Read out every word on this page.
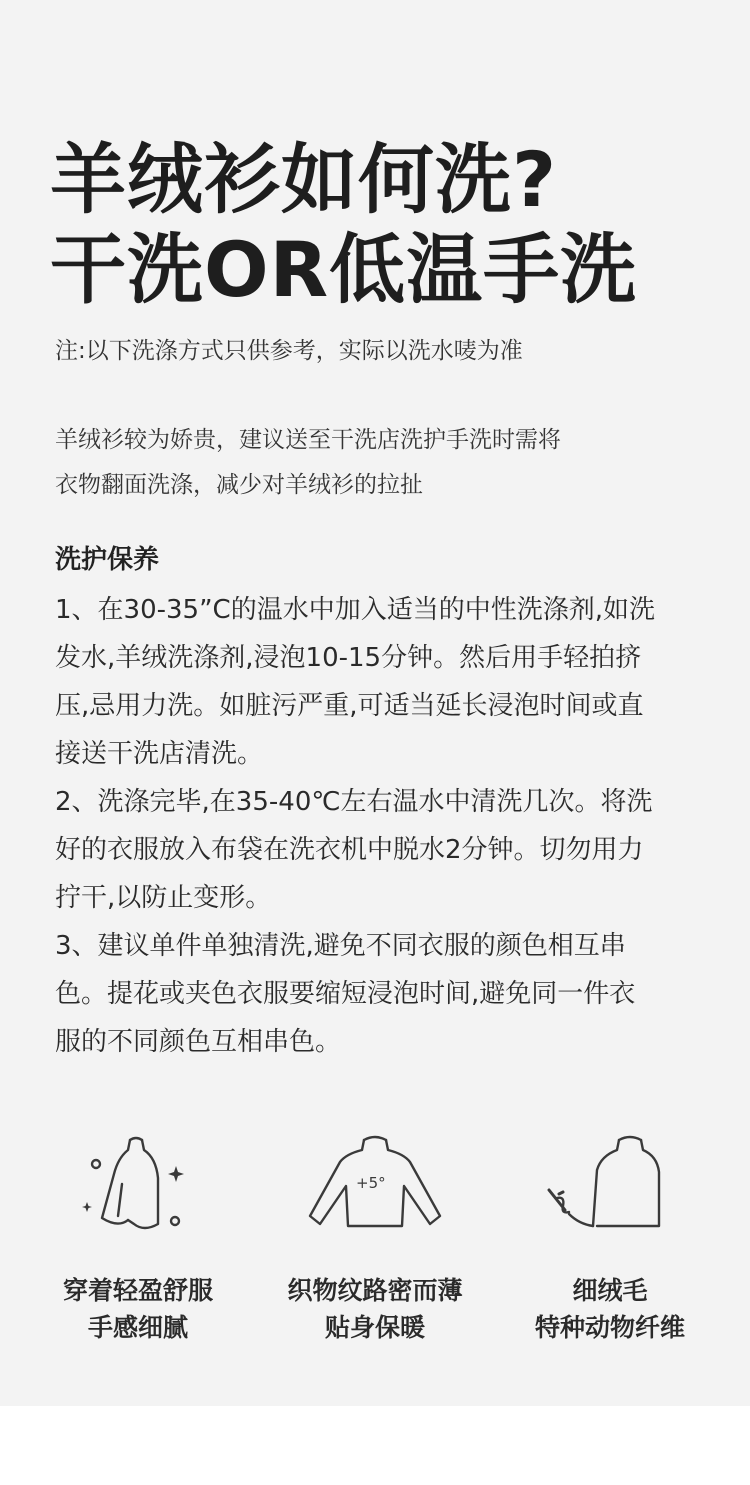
羊绒衫如何洗?
干洗OR低温手洗
注:以下洗涤方式只供参考，实际以洗水唛为准
羊绒衫较为娇贵，建议送至干洗店洗护手洗时需将
衣物翻面洗涤，减少对羊绒衫的拉扯
洗护保养
1、在30-35”C的温水中加入适当的中性洗涤剂,如洗
发水,羊绒洗涤剂,浸泡10-15分钟。然后用手轻拍挤
压,忌用力洗。如脏污严重,可适当延长浸泡时间或直
接送干洗店清洗。
2、洗涤完毕,在35-40℃左右温水中清洗几次。将洗
好的衣服放入布袋在洗衣机中脱水2分钟。切勿用力
拧干,以防止变形。
3、建议单件单独清洗,避免不同衣服的颜色相互串
色。提花或夹色衣服要缩短浸泡时间,避免同一件衣
服的不同颜色互相串色。
穿着轻盈舒服
手感细腻
+5°
织物纹路密而薄
贴身保暖
细绒毛
特种动物纤维
